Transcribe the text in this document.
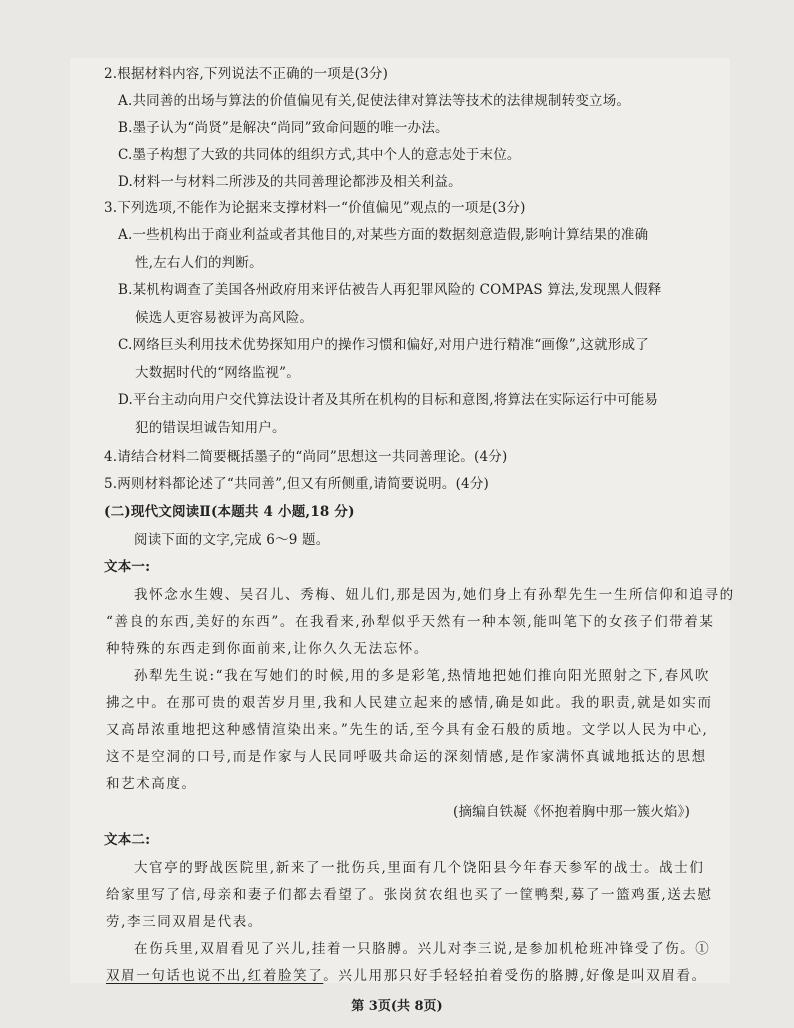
2.根据材料内容,下列说法不正确的一项是(3分)
A.共同善的出场与算法的价值偏见有关,促使法律对算法等技术的法律规制转变立场。
B.墨子认为“尚贤”是解决“尚同”致命问题的唯一办法。
C.墨子构想了大致的共同体的组织方式,其中个人的意志处于末位。
D.材料一与材料二所涉及的共同善理论都涉及相关利益。
3.下列选项,不能作为论据来支撑材料一“价值偏见”观点的一项是(3分)
A.一些机构出于商业利益或者其他目的,对某些方面的数据刻意造假,影响计算结果的准确
性,左右人们的判断。
B.某机构调查了美国各州政府用来评估被告人再犯罪风险的 COMPAS 算法,发现黑人假释
候选人更容易被评为高风险。
C.网络巨头利用技术优势探知用户的操作习惯和偏好,对用户进行精准“画像”,这就形成了
大数据时代的“网络监视”。
D.平台主动向用户交代算法设计者及其所在机构的目标和意图,将算法在实际运行中可能易
犯的错误坦诚告知用户。
4.请结合材料二简要概括墨子的“尚同”思想这一共同善理论。(4分)
5.两则材料都论述了“共同善”,但又有所侧重,请简要说明。(4分)
(二)现代文阅读Ⅱ(本题共 4 小题,18 分)
阅读下面的文字,完成 6～9 题。
文本一:
我怀念水生嫂、吴召儿、秀梅、妞儿们,那是因为,她们身上有孙犁先生一生所信仰和追寻的
“善良的东西,美好的东西”。在我看来,孙犁似乎天然有一种本领,能叫笔下的女孩子们带着某
种特殊的东西走到你面前来,让你久久无法忘怀。
孙犁先生说:“我在写她们的时候,用的多是彩笔,热情地把她们推向阳光照射之下,春风吹
拂之中。在那可贵的艰苦岁月里,我和人民建立起来的感情,确是如此。我的职责,就是如实而
又高昂浓重地把这种感情渲染出来。”先生的话,至今具有金石般的质地。文学以人民为中心,
这不是空洞的口号,而是作家与人民同呼吸共命运的深刻情感,是作家满怀真诚地抵达的思想
和艺术高度。
(摘编自铁凝《怀抱着胸中那一簇火焰》)
文本二:
大官亭的野战医院里,新来了一批伤兵,里面有几个饶阳县今年春天参军的战士。战士们
给家里写了信,母亲和妻子们都去看望了。张岗贫农组也买了一筐鸭梨,募了一篮鸡蛋,送去慰
劳,李三同双眉是代表。
在伤兵里,双眉看见了兴儿,挂着一只胳膊。兴儿对李三说,是参加机枪班冲锋受了伤。①
双眉一句话也说不出,红着脸笑了。兴儿用那只好手轻轻拍着受伤的胳膊,好像是叫双眉看。
第 3页(共 8页)
